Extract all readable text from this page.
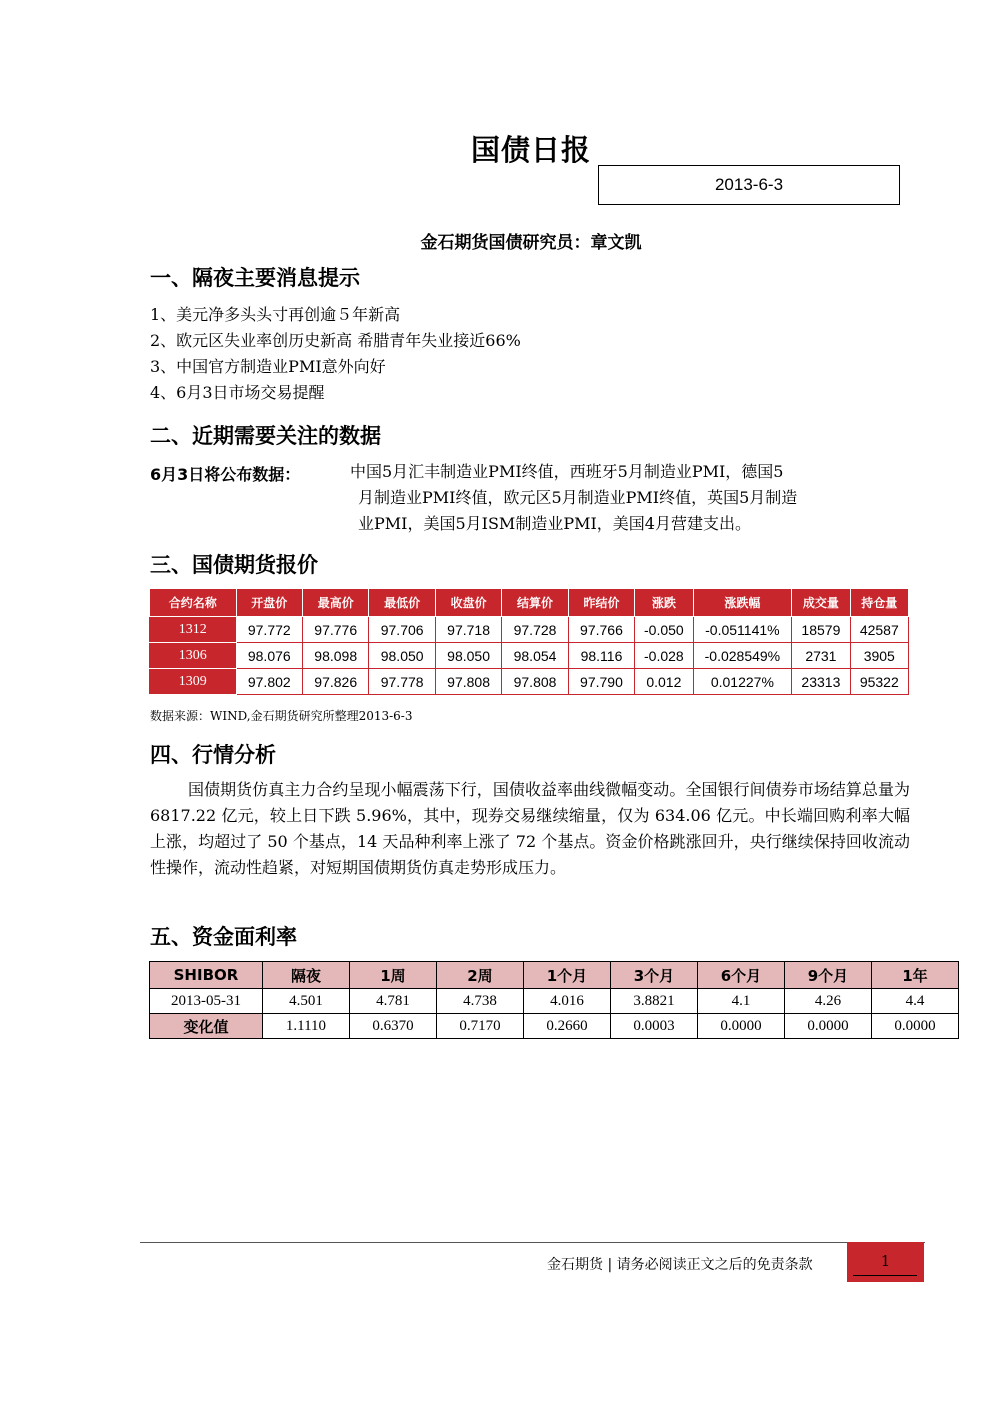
国债日报
2013-6-3
金石期货国债研究员：章文凯
一、隔夜主要消息提示
1、美元净多头头寸再创逾５年新高
2、欧元区失业率创历史新高 希腊青年失业接近66%
3、中国官方制造业PMI意外向好
4、6月3日市场交易提醒
二、近期需要关注的数据
6月3日将公布数据：	中国5月汇丰制造业PMI终值，西班牙5月制造业PMI，德国5
月制造业PMI终值，欧元区5月制造业PMI终值，英国5月制造
业PMI，美国5月ISM制造业PMI，美国4月营建支出。
三、国债期货报价
合约名称	开盘价	最高价	最低价	收盘价	结算价	昨结价	涨跌	涨跌幅	成交量	持仓量
1312	97.772	97.776	97.706	97.718	97.728	97.766	-0.050	-0.051141%	18579	42587
1306	98.076	98.098	98.050	98.050	98.054	98.116	-0.028	-0.028549%	2731	3905
1309	97.802	97.826	97.778	97.808	97.808	97.790	0.012	0.01227%	23313	95322
数据来源：WIND,金石期货研究所整理2013-6-3
四、行情分析
国债期货仿真主力合约呈现小幅震荡下行，国债收益率曲线微幅变动。全国银行间债券市场结算总量为 6817.22 亿元，较上日下跌 5.96%，其中，现券交易继续缩量，仅为 634.06 亿元。中长端回购利率大幅上涨，均超过了 50 个基点，14 天品种利率上涨了 72 个基点。资金价格跳涨回升，央行继续保持回收流动性操作，流动性趋紧，对短期国债期货仿真走势形成压力。
五、资金面利率
SHIBOR	隔夜	1周	2周	1个月	3个月	6个月	9个月	1年
2013-05-31	4.501	4.781	4.738	4.016	3.8821	4.1	4.26	4.4
变化值	1.1110	0.6370	0.7170	0.2660	0.0003	0.0000	0.0000	0.0000
金石期货 | 请务必阅读正文之后的免责条款	1
